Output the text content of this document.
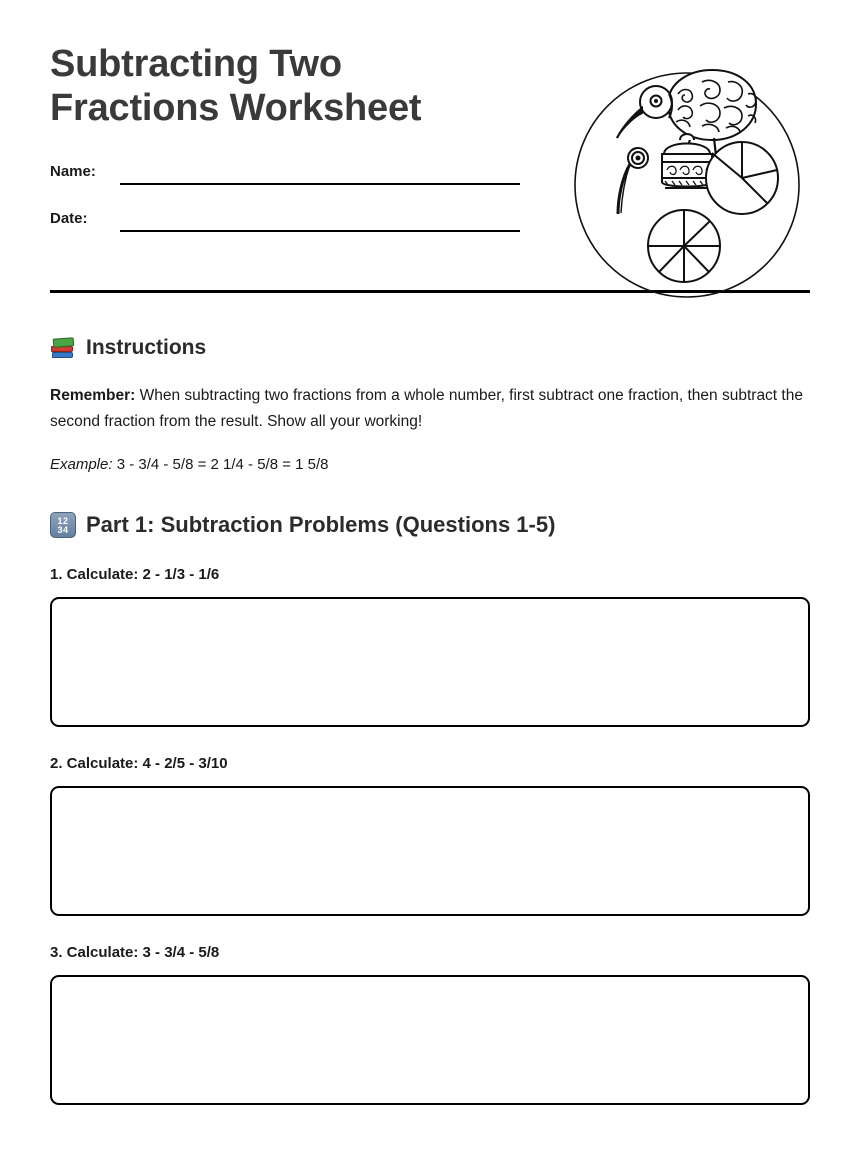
Subtracting Two Fractions Worksheet
Name:
Date:
Instructions

Remember: When subtracting two fractions from a whole number, first subtract one fraction, then subtract the second fraction from the result. Show all your working!

Example: 3 - 3/4 - 5/8 = 2 1/4 - 5/8 = 1 5/8

12
34 Part 1: Subtraction Problems (Questions 1-5)
1. Calculate: 2 - 1/3 - 1/6
2. Calculate: 4 - 2/5 - 3/10
3. Calculate: 3 - 3/4 - 5/8
